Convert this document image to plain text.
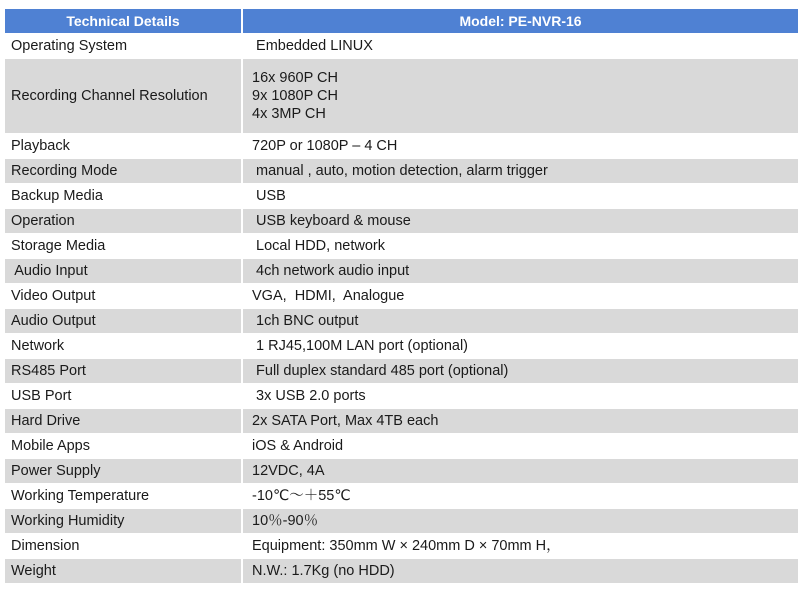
Technical Details	Model: PE-NVR-16
Operating System	Embedded LINUX

Recording Channel Resolution	16x 960P CH
9x 1080P CH
4x 3MP CH

Playback	720P or 1080P – 4 CH

Recording Mode	manual , auto, motion detection, alarm trigger

Backup Media	USB

Operation	USB keyboard & mouse

Storage Media	Local HDD, network

Audio Input	4ch network audio input

Video Output	VGA,  HDMI,  Analogue

Audio Output	1ch BNC output

Network	1 RJ45,100M LAN port (optional)

RS485 Port	Full duplex standard 485 port (optional)

USB Port	3x USB 2.0 ports

Hard Drive	2x SATA Port, Max 4TB each

Mobile Apps	iOS & Android

Power Supply	12VDC, 4A

Working Temperature	-10℃～＋55℃

Working Humidity	10％-90％

Dimension	Equipment: 350mm W × 240mm D × 70mm H，

Weight	N.W.: 1.7Kg (no HDD)
